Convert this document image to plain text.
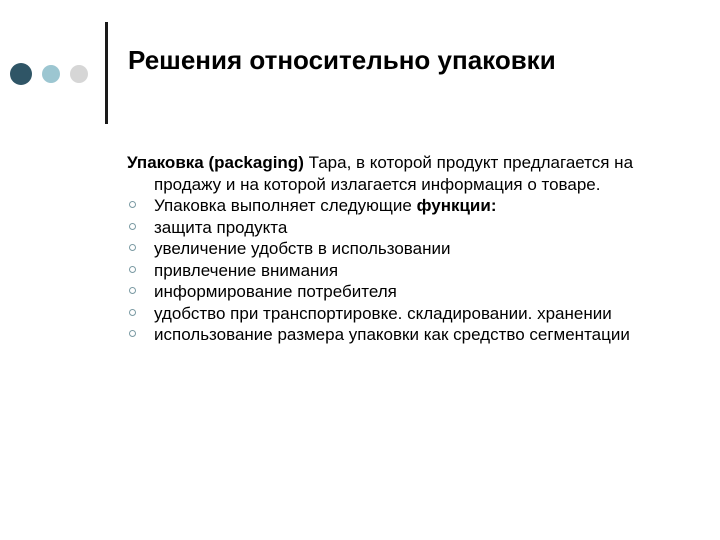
Решения относительно упаковки

Упаковка (packaging) Тара, в которой продукт предлагается на продажу и на которой излагается информация о товаре.

Упаковка выполняет следующие функции:
защита продукта
увеличение удобств в использовании
привлечение внимания
информирование потребителя
удобство при транспортировке. складировании. хранении
использование размера упаковки как средство сегментации
